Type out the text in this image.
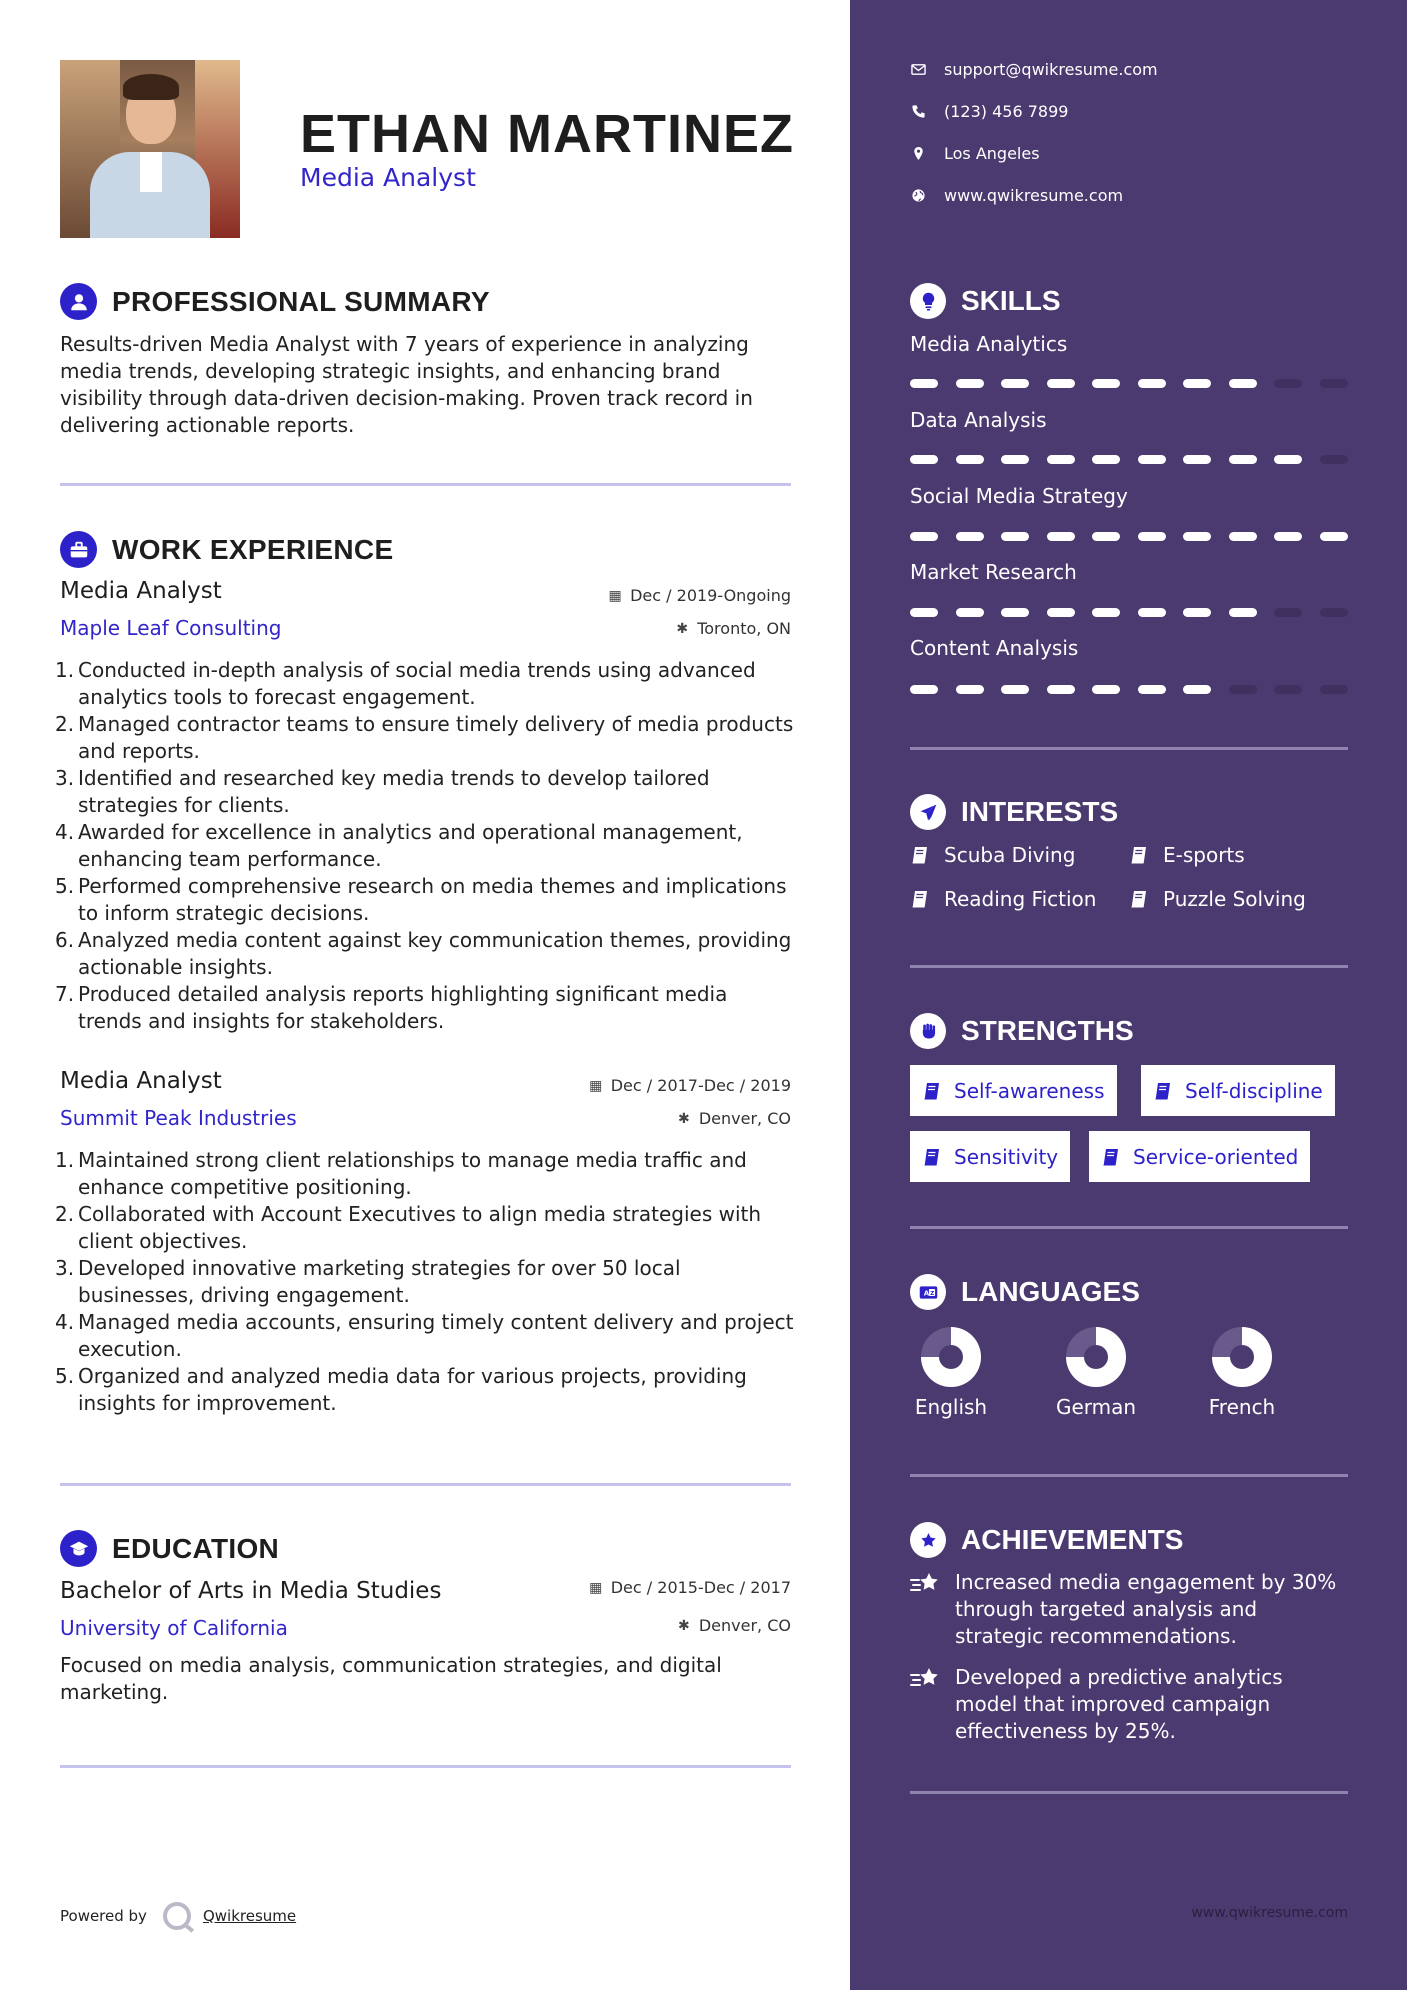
ETHAN MARTINEZ
Media Analyst
PROFESSIONAL SUMMARY
Results-driven Media Analyst with 7 years of experience in analyzing media trends, developing strategic insights, and enhancing brand visibility through data-driven decision-making. Proven track record in delivering actionable reports.
WORK EXPERIENCE
Media Analyst	▦ Dec / 2019-Ongoing
Maple Leaf Consulting	✱ Toronto, ON
1. Conducted in-depth analysis of social media trends using advanced analytics tools to forecast engagement.
2. Managed contractor teams to ensure timely delivery of media products and reports.
3. Identified and researched key media trends to develop tailored strategies for clients.
4. Awarded for excellence in analytics and operational management, enhancing team performance.
5. Performed comprehensive research on media themes and implications to inform strategic decisions.
6. Analyzed media content against key communication themes, providing actionable insights.
7. Produced detailed analysis reports highlighting significant media trends and insights for stakeholders.
Media Analyst	▦ Dec / 2017-Dec / 2019
Summit Peak Industries	✱ Denver, CO
1. Maintained strong client relationships to manage media traffic and enhance competitive positioning.
2. Collaborated with Account Executives to align media strategies with client objectives.
3. Developed innovative marketing strategies for over 50 local businesses, driving engagement.
4. Managed media accounts, ensuring timely content delivery and project execution.
5. Organized and analyzed media data for various projects, providing insights for improvement.
EDUCATION
Bachelor of Arts in Media Studies	▦ Dec / 2015-Dec / 2017
University of California	✱ Denver, CO
Focused on media analysis, communication strategies, and digital marketing.
Powered by	Qwikresume
support@qwikresume.com
(123) 456 7899
Los Angeles
www.qwikresume.com
SKILLS
Media Analytics
Data Analysis
Social Media Strategy
Market Research
Content Analysis
INTERESTS
Scuba Diving	E-sports
Reading Fiction	Puzzle Solving
STRENGTHS
Self-awareness	Self-discipline
Sensitivity	Service-oriented
A Z LANGUAGES
English	German	French
ACHIEVEMENTS
Increased media engagement by 30% through targeted analysis and strategic recommendations.
Developed a predictive analytics model that improved campaign effectiveness by 25%.
www.qwikresume.com
